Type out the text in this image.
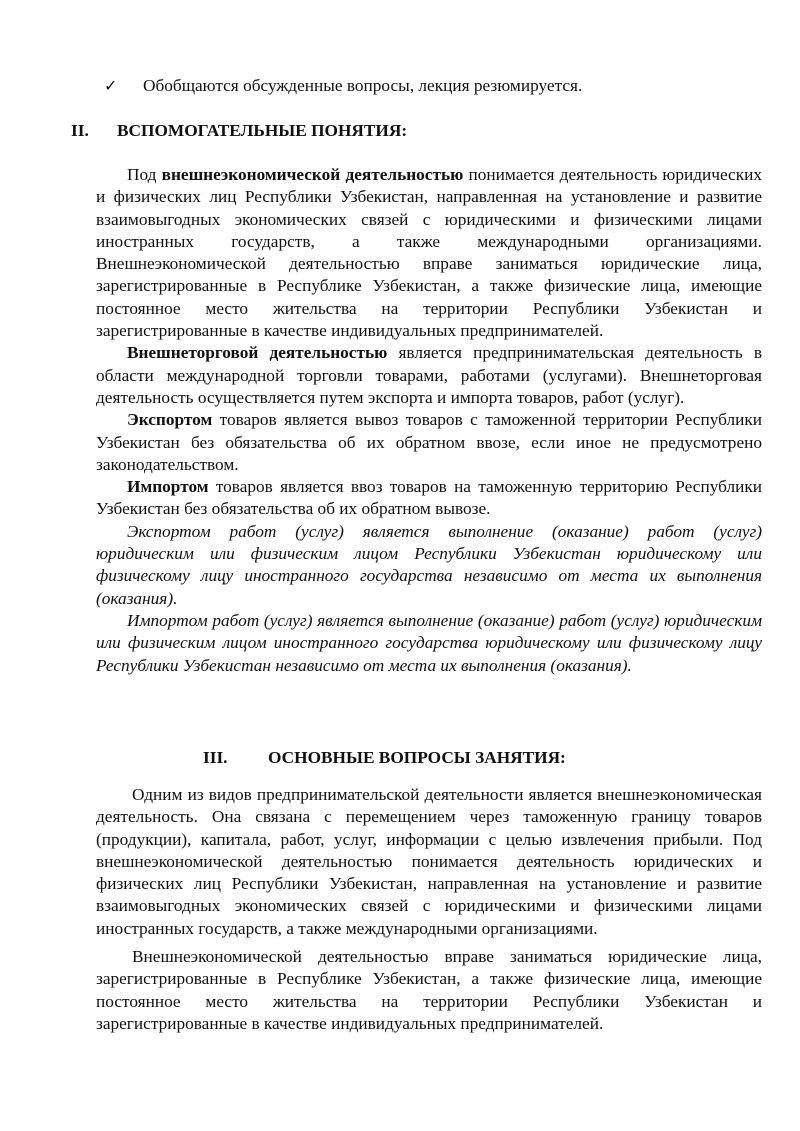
✓ Обобщаются обсужденные вопросы, лекция резюмируется.
II. ВСПОМОГАТЕЛЬНЫЕ ПОНЯТИЯ:

Под внешнеэкономической деятельностью понимается деятельность юридических и физических лиц Республики Узбекистан, направленная на установление и развитие взаимовыгодных экономических связей с юридическими и физическими лицами иностранных государств, а также международными организациями. Внешнеэкономической деятельностью вправе заниматься юридические лица, зарегистрированные в Республике Узбекистан, а также физические лица, имеющие постоянное место жительства на территории Республики Узбекистан и зарегистрированные в качестве индивидуальных предпринимателей.

Внешнеторговой деятельностью является предпринимательская деятельность в области международной торговли товарами, работами (услугами). Внешнеторговая деятельность осуществляется путем экспорта и импорта товаров, работ (услуг).

Экспортом товаров является вывоз товаров с таможенной территории Республики Узбекистан без обязательства об их обратном ввозе, если иное не предусмотрено законодательством.

Импортом товаров является ввоз товаров на таможенную территорию Республики Узбекистан без обязательства об их обратном вывозе.

Экспортом работ (услуг) является выполнение (оказание) работ (услуг) юридическим или физическим лицом Республики Узбекистан юридическому или физическому лицу иностранного государства независимо от места их выполнения (оказания).

Импортом работ (услуг) является выполнение (оказание) работ (услуг) юридическим или физическим лицом иностранного государства юридическому или физическому лицу Республики Узбекистан независимо от места их выполнения (оказания).

III. ОСНОВНЫЕ ВОПРОСЫ ЗАНЯТИЯ:

Одним из видов предпринимательской деятельности является внешнеэкономическая деятельность. Она связана с перемещением через таможенную границу товаров (продукции), капитала, работ, услуг, информации с целью извлечения прибыли. Под внешнеэкономической деятельностью понимается деятельность юридических и физических лиц Республики Узбекистан, направленная на установление и развитие взаимовыгодных экономических связей с юридическими и физическими лицами иностранных государств, а также международными организациями.

Внешнеэкономической деятельностью вправе заниматься юридические лица, зарегистрированные в Республике Узбекистан, а также физические лица, имеющие постоянное место жительства на территории Республики Узбекистан и зарегистрированные в качестве индивидуальных предпринимателей.
